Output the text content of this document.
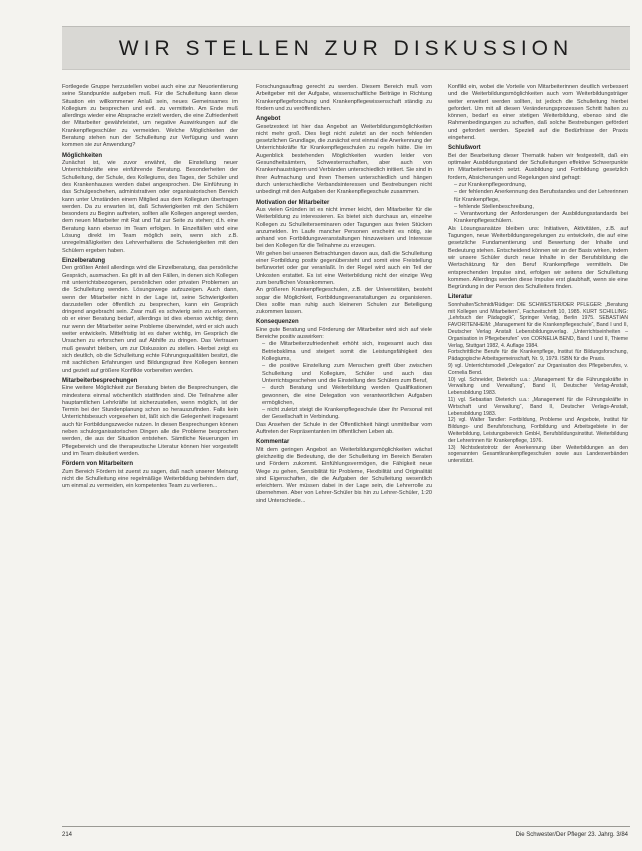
WIR STELLEN ZUR DISKUSSION

Fortlegede Gruppe herzustellen wobei auch eine zur Neuorientierung seine Standpunkte aufgeben muß. Für die Schulleitung kann diese Situation ein willkommener Anlaß sein, neues Gemeinsames im Kollegium zu besprechen und evtl. zu vermitteln. Am Ende muß allerdings wieder eine Absprache erzielt werden, die eine Zufriedenheit der Mitarbeiter gewährleistet, um negative Auswirkungen auf die Krankenpflegeschüler zu vermeiden. Welche Möglichkeiten der Beratung stehen nun der Schulleitung zur Verfügung und wann kommen sie zur Anwendung?

Möglichkeiten

Zunächst ist, wie zuvor erwähnt, die Einstellung neuer Unterrichtskräfte eine einführende Beratung. Besonderheiten der Schulleitung, der Schule, des Kollegiums, des Tages, der Schüler und des Krankenhauses werden dabei angesprochen. Die Einführung in das Schulgeschehen, administrativen oder organisatorischen Bereich kann unter Umständen einem Mitglied aus dem Kollegium übertragen werden. Da zu erwarten ist, daß Schwierigkeiten mit den Schülern besonders zu Beginn auftreten, sollten alle Kollegen angeregt werden, dem neuen Mitarbeiter mit Rat und Tat zur Seite zu stehen; d.h. eine Beratung kann ebenso im Team erfolgen. In Einzelfällen wird eine Lösung direkt im Team möglich sein, wenn sich z.B. unregelmäßigkeiten des Lehrverhaltens die Schwierigkeiten mit den Schülern ergeben haben.

Einzelberatung

Den größten Anteil allerdings wird die Einzelberatung, das persönliche Gespräch, ausmachen. Es gilt in all den Fällen, in denen sich Kollegen mit unterrichtsbezogenen, persönlichen oder privaten Problemen an die Schulleitung wenden. Lösungswege aufzuzeigen. Auch dann, wenn der Mitarbeiter nicht in der Lage ist, seine Schwierigkeiten darzustellen oder öffentlich zu besprechen, kann ein Gespräch dringend angebracht sein. Zwar muß es schwierig sein zu erkennen, ob er einer Beratung bedarf, allerdings ist dies ebenso wichtig; denn nur wenn der Mitarbeiter seine Probleme überwindet, wird er sich auch weiter entwickeln. Mittelfristig ist es daher wichtig, im Gespräch die Ursachen zu erforschen und auf Abhilfe zu dringen. Das Vertrauen muß gewahrt bleiben, um zur Diskussion zu stellen. Hierbei zeigt es sich deutlich, ob die Schulleitung echte Führungsqualitäten besitzt, die mit sachlichen Erfahrungen und Bildungsgrad ihre Kollegen kennen und gezielt auf größere Konflikte vorbereiten werden.

Mitarbeiterbesprechungen

Eine weitere Möglichkeit zur Beratung bieten die Besprechungen, die mindestens einmal wöchentlich stattfinden sind. Die Teilnahme aller hauptamtlichen Lehrkräfte ist sicherzustellen, wenn möglich, ist der Termin bei der Stundenplanung schon so herauszufinden. Falls kein Unterrichtsbesuch vorgesehen ist, läßt sich die Gelegenheit insgesamt auch für Fortbildungszwecke nutzen. In diesen Besprechungen können neben schulorganisatorischen Dingen alle die Probleme besprochen werden, die aus der Situation entstehen. Sämtliche Neuerungen im Pflegebereich und die therapeutische Literatur können hier vorgestellt und im Team diskutiert werden.

Fördern von Mitarbeitern

Zum Bereich Fördern ist zuerst zu sagen, daß nach unserer Meinung nicht die Schulleitung eine regelmäßige Weiterbildung behindern darf, um einmal zu vermeiden, ein kompetentes Team zu verlieren...

Forschungsauftrag gerecht zu werden. Diesem Bereich muß vom Arbeitgeber mit der Aufgabe, wissenschaftliche Beiträge in Richtung Krankenpflegeforschung und Krankenpflegewissenschaft ständig zu fördern und zu veröffentlichen.

Angebot

Gesetzestext ist hier das Angebot an Weiterbildungsmöglichkeiten nicht mehr groß. Dies liegt nicht zuletzt an der noch fehlenden gesetzlichen Grundlage, die zunächst erst einmal die Anerkennung der Unterrichtskräfte für Krankenpflegeschulen zu regeln hätte. Die im Augenblick bestehenden Möglichkeiten wurden leider von Gesundheitsämtern, Schwesternschaften, aber auch von Krankenhausträgern und Verbänden unterschiedlich initiiert. Sie sind in ihrer Aufmachung und ihren Themen unterschiedlich und hängen durch unterschiedliche Verbandsinteressen und Bestrebungen nicht unbedingt mit den Aufgaben der Krankenpflegeschule zusammen.

Motivation der Mitarbeiter

Aus vielen Gründen ist es nicht immer leicht, den Mitarbeiter für die Weiterbildung zu interessieren. Es bietet sich durchaus an, einzelne Kollegen zu Schulleiterseminaren oder Tagungen aus freien Stücken anzumelden. Im Laufe mancher Personen erscheint es nötig, sie anhand von Fortbildungsveranstaltungen hinzuweisen und Interesse bei den Kollegen für die Teilnahme zu erzeugen.

Wir gehen bei unseren Betrachtungen davon aus, daß die Schulleitung einer Fortbildung positiv gegenübersteht und somit eine Freistellung befürwortet oder gar veranlaßt. In der Regel wird auch ein Teil der Unkosten erstattet. Es ist eine Weiterbildung nicht der einzige Weg zum beruflichen Vorankommen.

An größeren Krankenpflegeschulen, z.B. der Universitäten, besteht sogar die Möglichkeit, Fortbildungsveranstaltungen zu organisieren. Dies sollte man ruhig auch kleineren Schulen zur Beteiligung zukommen lassen.

Konsequenzen

Eine gute Beratung und Förderung der Mitarbeiter wird sich auf viele Bereiche positiv auswirken:

– die Mitarbeiterzufriedenheit erhöht sich, insgesamt auch das Betriebsklima und steigert somit die Leistungsfähigkeit des Kollegiums,
– die positive Einstellung zum Menschen greift über zwischen Schulleitung und Kollegium, Schüler und auch das Unterrichtsgeschehen und die Einstellung des Schülers zum Beruf,
– durch Beratung und Weiterbildung werden Qualifikationen gewonnen, die eine Delegation von verantwortlichen Aufgaben ermöglichen,
– nicht zuletzt steigt die Krankenpflegeschule über ihr Personal mit der Gesellschaft in Verbindung.

Das Ansehen der Schule in der Öffentlichkeit hängt unmittelbar vom Auftreten der Repräsentanten im öffentlichen Leben ab.

Kommentar

Mit dem geringen Angebot an Weiterbildungsmöglichkeiten wächst gleichzeitig die Bedeutung, die der Schulleitung im Bereich Beraten und Fördern zukommt. Einfühlungsvermögen, die Fähigkeit neue Wege zu gehen, Sensibilität für Probleme, Flexibilität und Originalität sind Eigenschaften, die die Aufgaben der Schulleitung wesentlich erleichtern. Wer müssen dabei in der Lage sein, die Lehrerrolle zu übernehmen. Aber von Lehrer-Schüler bis hin zu Lehrer-Schüler, 1:20 sind Unterschiede...

Konflikt ein, wobei die Vorteile von Mitarbeiterinnen deutlich verbessert und die Weiterbildungsmöglichkeiten auch vom Weiterbildungsträger weiter erweitert werden sollten, ist jedoch die Schulleitung hierbei gefordert. Um mit all diesen Veränderungsprozessen Schritt halten zu können, bedarf es einer stetigen Weiterbildung, ebenso sind die Rahmenbedingungen zu schaffen, daß solche Bestrebungen gefördert und gefordert werden. Speziell auf die Bedürfnisse der Praxis eingehend.

Schlußwort

Bei der Bearbeitung dieser Thematik haben wir festgestellt, daß ein optimaler Ausbildungsstand der Schulleitungen effektive Schwerpunkte im Mitarbeiterbereich setzt. Ausbildung und Fortbildung gesetzlich fordern, Absicherungen und Regelungen sind gefragt:

– zur Krankenpflegeordnung,
– der fehlenden Anerkennung des Berufsstandes und der Lehrerinnen für Krankenpflege,
– fehlende Stellenbeschreibung,
– Verantwortung der Anforderungen der Ausbildungsstandards bei Krankenpflegeschülern.

Als Lösungsansätze bleiben uns: Initiativen, Aktivitäten, z.B. auf Tagungen, neue Weiterbildungsregelungen zu entwickeln, die auf eine gesetzliche Fundamentierung und Bewertung der Inhalte und Bedeutung stehen. Entscheidend können wir an der Basis wirken, indem wir unsere Schüler durch neue Inhalte in der Berufsbildung die Wertschätzung für den Beruf Krankenpflege vermitteln. Die entsprechenden Impulse sind, erfolgen wir seitens der Schulleitung kommen. Allerdings werden diese Impulse erst glaubhaft, wenn sie eine Begründung in der Person des Schulleiters finden.

Literatur

Sonnhalter/Schmidt/Rüdiger: DIE SCHWESTER/DER PFLEGER: „Beratung mit Kollegen und Mitarbeitern“, Fachzeitschrift 10, 1985. KURT SCHILLING: „Lehrbuch der Pädagogik“, Springer Verlag, Berlin 1975. SEBASTIAN FAVORITENHEIM: „Management für die Krankenpflegeschule“, Band I und II, Deutscher Verlag Anstalt Lebensbildungsverlag. „Unterrichtseinheiten – Organisation in Pflegeberufen“ von CORNELIA BEND, Band I und II, Thieme Verlag, Stuttgart 1982, 4. Auflage 1984.

Fortschrittliche Berufe für die Krankenpflege, Institut für Bildungsforschung, Pädagogische Arbeitsgemeinschaft, Nr. 9, 1979. ISBN für die Praxis.

9) vgl. Unterrichtsmodell „Delegation“ zur Organisation des Pflegeberufes, v. Cornelia Bend.

10) vgl. Schneider, Dieterich u.a.: „Management für die Führungskräfte in Verwaltung und Verwaltung“, Band II, Deutscher Verlag-Anstalt, Lebensbildung 1983.

11) vgl. Sebastian Dieterich u.a.: „Management für die Führungskräfte in Wirtschaft und Verwaltung“, Band II, Deutscher Verlags-Anstalt, Lebensbildung 1983.

12) vgl. Walter Tandler: Fortbildung, Probleme und Angebote, Institut für Bildungs- und Berufsforschung, Fortbildung und Arbeitsgebiete in der Weiterbildung, Leistungsbereich GmbH, Berufsbildungsinstitut. Weiterbildung der Lehrerinnen für Krankenpflege, 1976.

13) Nichtsdestotrotz der Anerkennung über Weiterbildungen an den sogenannten Gesamtkrankenpflegeschulen sowie aus Landesverbänden unterstützt.

214	Die Schwester/Der Pfleger 23. Jahrg. 3/84
